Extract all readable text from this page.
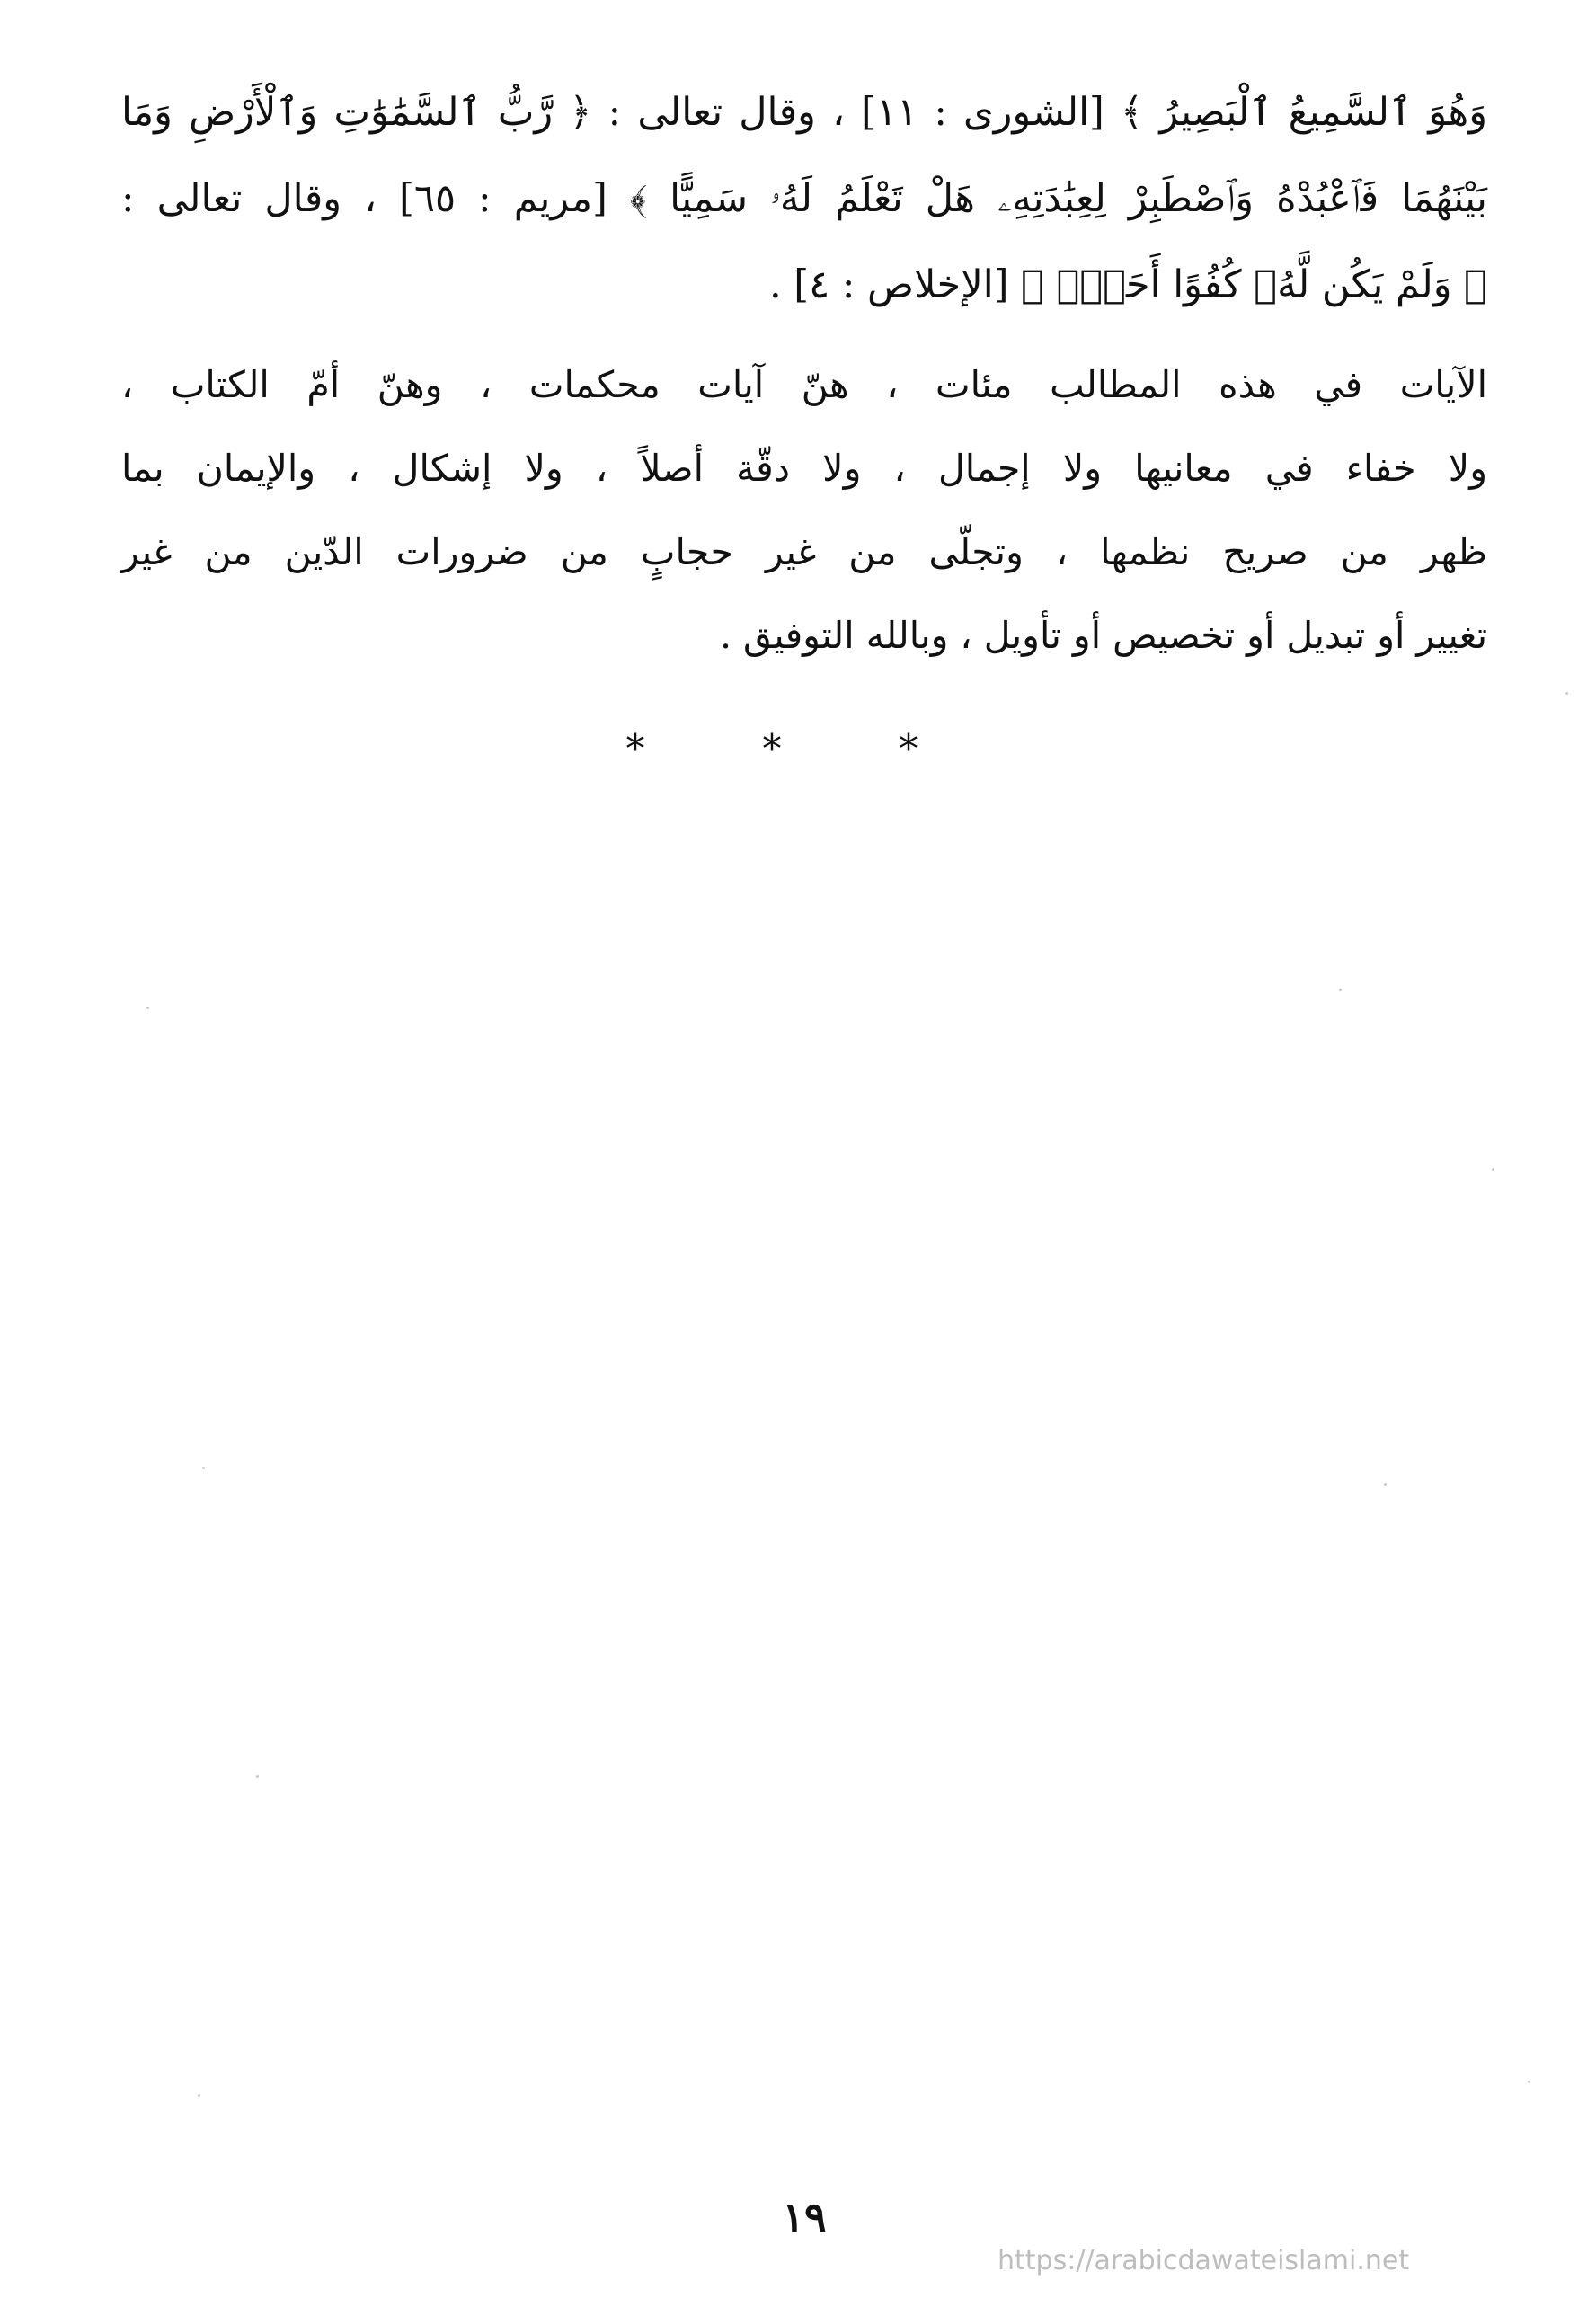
وَهُوَ ٱلسَّمِيعُ ٱلْبَصِيرُ ﴾ [الشورى : ١١] ، وقال تعالى : ﴿ رَّبُّ ٱلسَّمَٰوَٰتِ وَٱلْأَرْضِ وَمَا
بَيْنَهُمَا فَٱعْبُدْهُ وَٱصْطَبِرْ لِعِبَٰدَتِهِۦ هَلْ تَعْلَمُ لَهُۥ سَمِيًّا ﴾ [مريم : ٦٥] ، وقال تعالى :
﴿ وَلَمْ يَكُن لَّهُۥ كُفُوًا أَحَدٌۢ ﴾ [الإخلاص : ٤] .
الآيات في هذه المطالب مئات ، هنّ آيات محكمات ، وهنّ أمّ الكتاب ،
ولا خفاء في معانيها ولا إجمال ، ولا دقّة أصلاً ، ولا إشكال ، والإيمان بما
ظهر من صريح نظمها ، وتجلّى من غير حجابٍ من ضرورات الدّين من غير
تغيير أو تبديل أو تخصيص أو تأويل ، وبالله التوفيق .
* * *
١٩
https://arabicdawateislami.net
